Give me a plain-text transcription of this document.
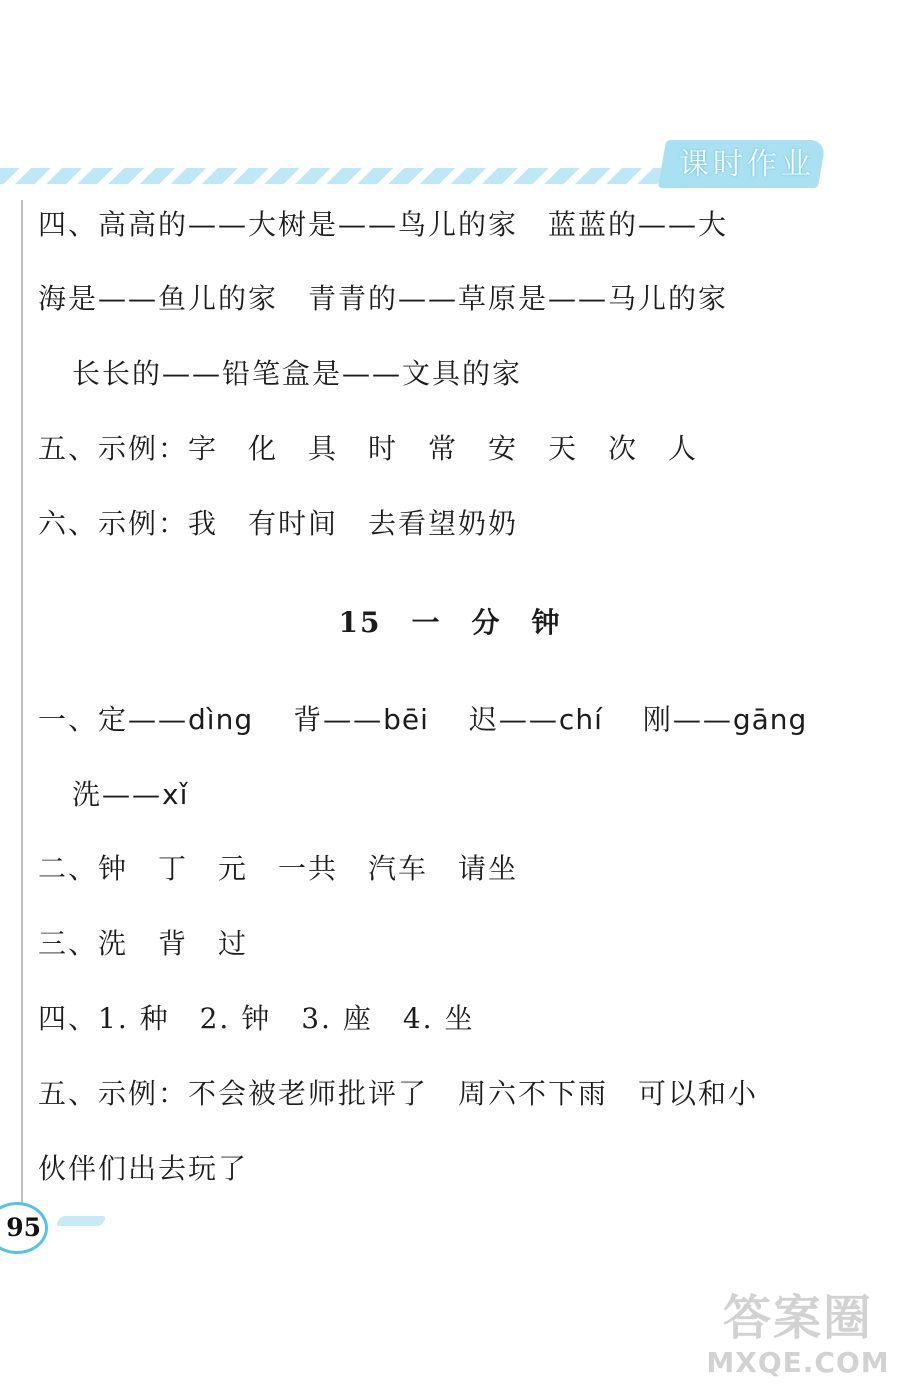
课时作业
四、高高的——大树是——鸟儿的家　蓝蓝的——大
海是——鱼儿的家　青青的——草原是——马儿的家
长长的——铅笔盒是——文具的家
五、示例：字　化　具　时　常　安　天　次　人
六、示例：我　有时间　去看望奶奶
15　一　分　钟
一、定——dìng 背——bēi 迟——chí 刚——gāng
洗——xǐ
二、钟　丁　元　一共　汽车　请坐
三、洗　背　过
四、1. 种　2. 钟　3. 座　4. 坐
五、示例：不会被老师批评了　周六不下雨　可以和小
伙伴们出去玩了
95
答案圈
MXQE.COM
